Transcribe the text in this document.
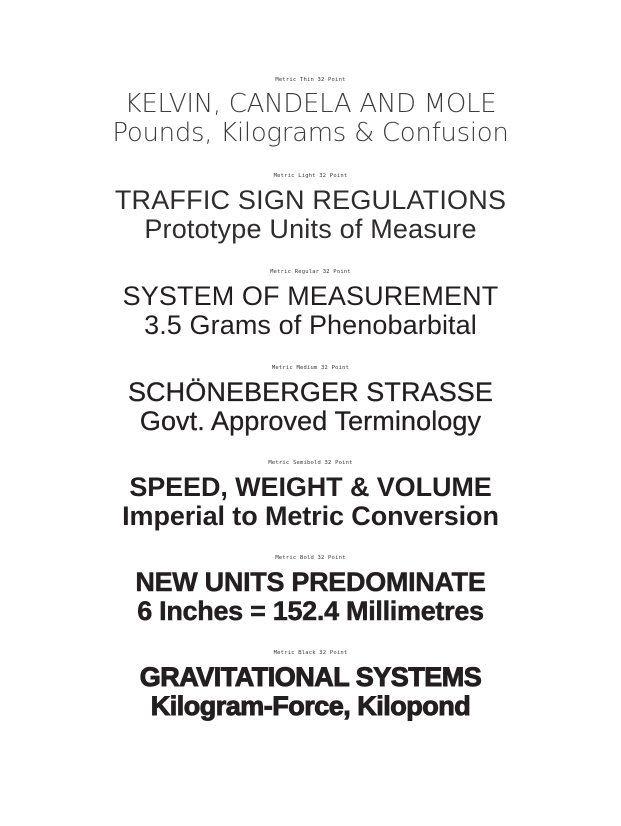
Metric Thin 32 Point
KELVIN, CANDELA AND MOLE
Pounds, Kilograms & Confusion
Metric Light 32 Point
TRAFFIC SIGN REGULATIONS
Prototype Units of Measure
Metric Regular 32 Point
SYSTEM OF MEASUREMENT
3.5 Grams of Phenobarbital
Metric Medium 32 Point
SCHÖNEBERGER STRASSE
Govt. Approved Terminology
Metric Semibold 32 Point
SPEED, WEIGHT & VOLUME
Imperial to Metric Conversion
Metric Bold 32 Point
NEW UNITS PREDOMINATE
6 Inches = 152.4 Millimetres
Metric Black 32 Point
GRAVITATIONAL SYSTEMS
Kilogram-Force, Kilopond
